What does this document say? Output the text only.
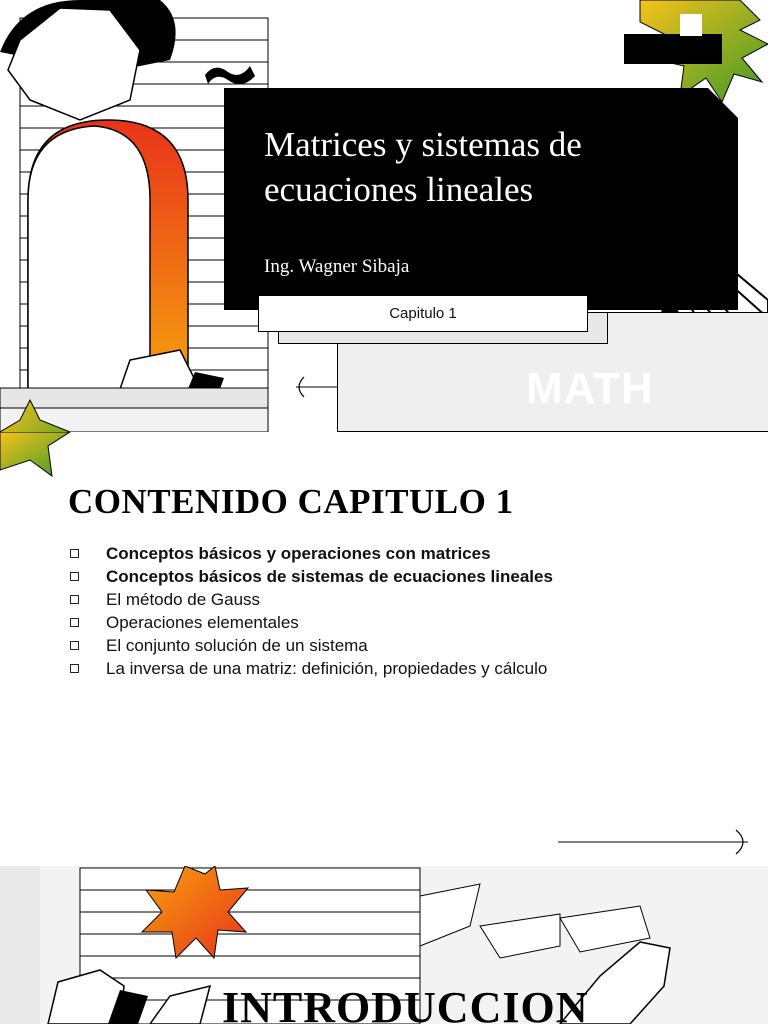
MATH
Matrices y sistemas de ecuaciones lineales
Ing. Wagner Sibaja
Capitulo 1
CONTENIDO CAPITULO 1
Conceptos básicos y operaciones con matrices
Conceptos básicos de sistemas de ecuaciones lineales
El método de Gauss
Operaciones elementales
El conjunto solución de un sistema
La inversa de una matriz: definición, propiedades y cálculo
INTRODUCCION
